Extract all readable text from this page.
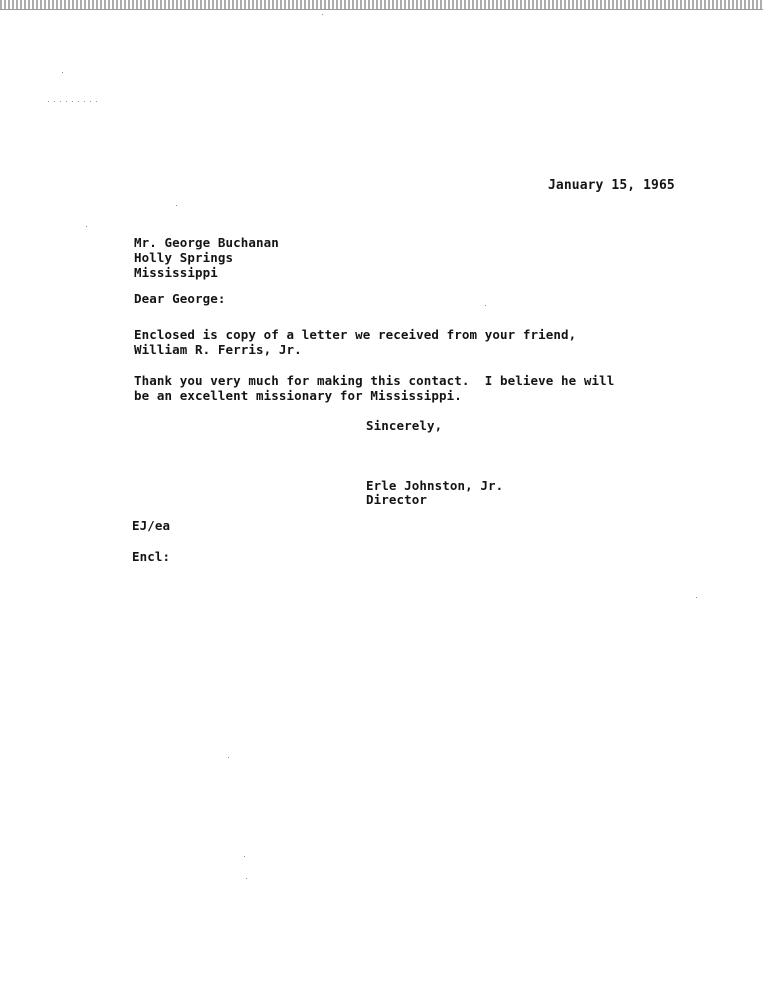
January 15, 1965
Mr. George Buchanan
Holly Springs
Mississippi
Dear George:
Enclosed is copy of a letter we received from your friend,
William R. Ferris, Jr.
Thank you very much for making this contact.  I believe he will
be an excellent missionary for Mississippi.
Sincerely,
Erle Johnston, Jr.
Director
EJ/ea
Encl:
